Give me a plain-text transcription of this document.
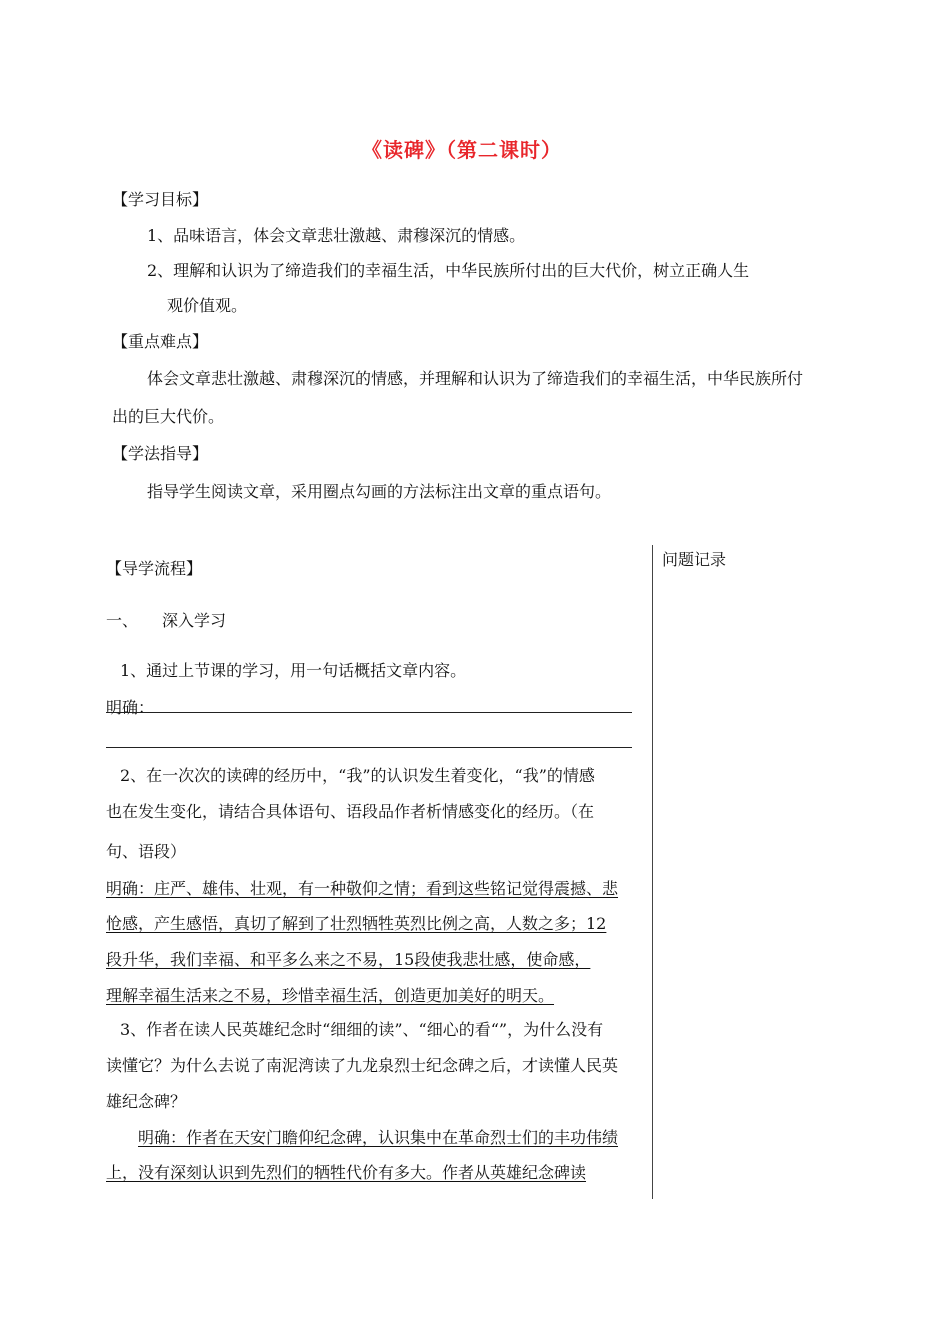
《读碑》（第二课时）
【学习目标】
1、品味语言，体会文章悲壮激越、肃穆深沉的情感。
2、理解和认识为了缔造我们的幸福生活，中华民族所付出的巨大代价，树立正确人生
观价值观。
【重点难点】
体会文章悲壮激越、肃穆深沉的情感，并理解和认识为了缔造我们的幸福生活，中华民族所付
出的巨大代价。
【学法指导】
指导学生阅读文章，采用圈点勾画的方法标注出文章的重点语句。
问题记录
【导学流程】
一、 深入学习
1、通过上节课的学习，用一句话概括文章内容。
明确：
2、在一次次的读碑的经历中，“我”的认识发生着变化，“我”的情感
也在发生变化，请结合具体语句、语段品作者析情感变化的经历。（在
句、语段）
明确：庄严、雄伟、壮观，有一种敬仰之情；看到这些铭记觉得震撼、悲
怆感，产生感悟，真切了解到了壮烈牺牲英烈比例之高，人数之多；12
段升华，我们幸福、和平多么来之不易，15段使我悲壮感，使命感，
理解幸福生活来之不易，珍惜幸福生活，创造更加美好的明天。
3、作者在读人民英雄纪念时“细细的读”、“细心的看“”，为什么没有
读懂它？为什么去说了南泥湾读了九龙泉烈士纪念碑之后，才读懂人民英
雄纪念碑？
明确：作者在天安门瞻仰纪念碑，认识集中在革命烈士们的丰功伟绩
上，没有深刻认识到先烈们的牺牲代价有多大。作者从英雄纪念碑读
